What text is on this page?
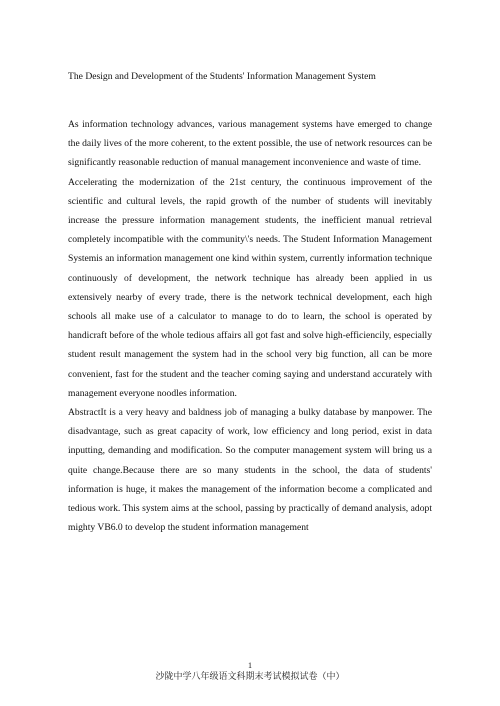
The Design and Development of the Students' Information Management System

As information technology advances, various management systems have emerged to change the daily lives of the more coherent, to the extent possible, the use of network resources can be significantly reasonable reduction of manual management inconvenience and waste of time.

Accelerating the modernization of the 21st century, the continuous improvement of the scientific and cultural levels, the rapid growth of the number of students will inevitably increase the pressure information management students, the inefficient manual retrieval completely incompatible with the community\'s needs. The Student Information Management Systemis an information management one kind within system, currently information technique continuously of development, the network technique has already been applied in us extensively nearby of every trade, there is the network technical development, each high schools all make use of a calculator to manage to do to learn, the school is operated by handicraft before of the whole tedious affairs all got fast and solve high-efficiencily, especially student result management the system had in the school very big function, all can be more convenient, fast for the student and the teacher coming saying and understand accurately with management everyone noodles information.

AbstractIt is a very heavy and baldness job of managing a bulky database by manpower. The disadvantage, such as great capacity of work, low efficiency and long period, exist in data inputting, demanding and modification. So the computer management system will bring us a quite change.Because there are so many students in the school, the data of students' information is huge, it makes the management of the information become a complicated and tedious work. This system aims at the school, passing by practically of demand analysis, adopt mighty VB6.0 to develop the student information management

1
沙陇中学八年级语文科期末考试模拟试卷（中）
